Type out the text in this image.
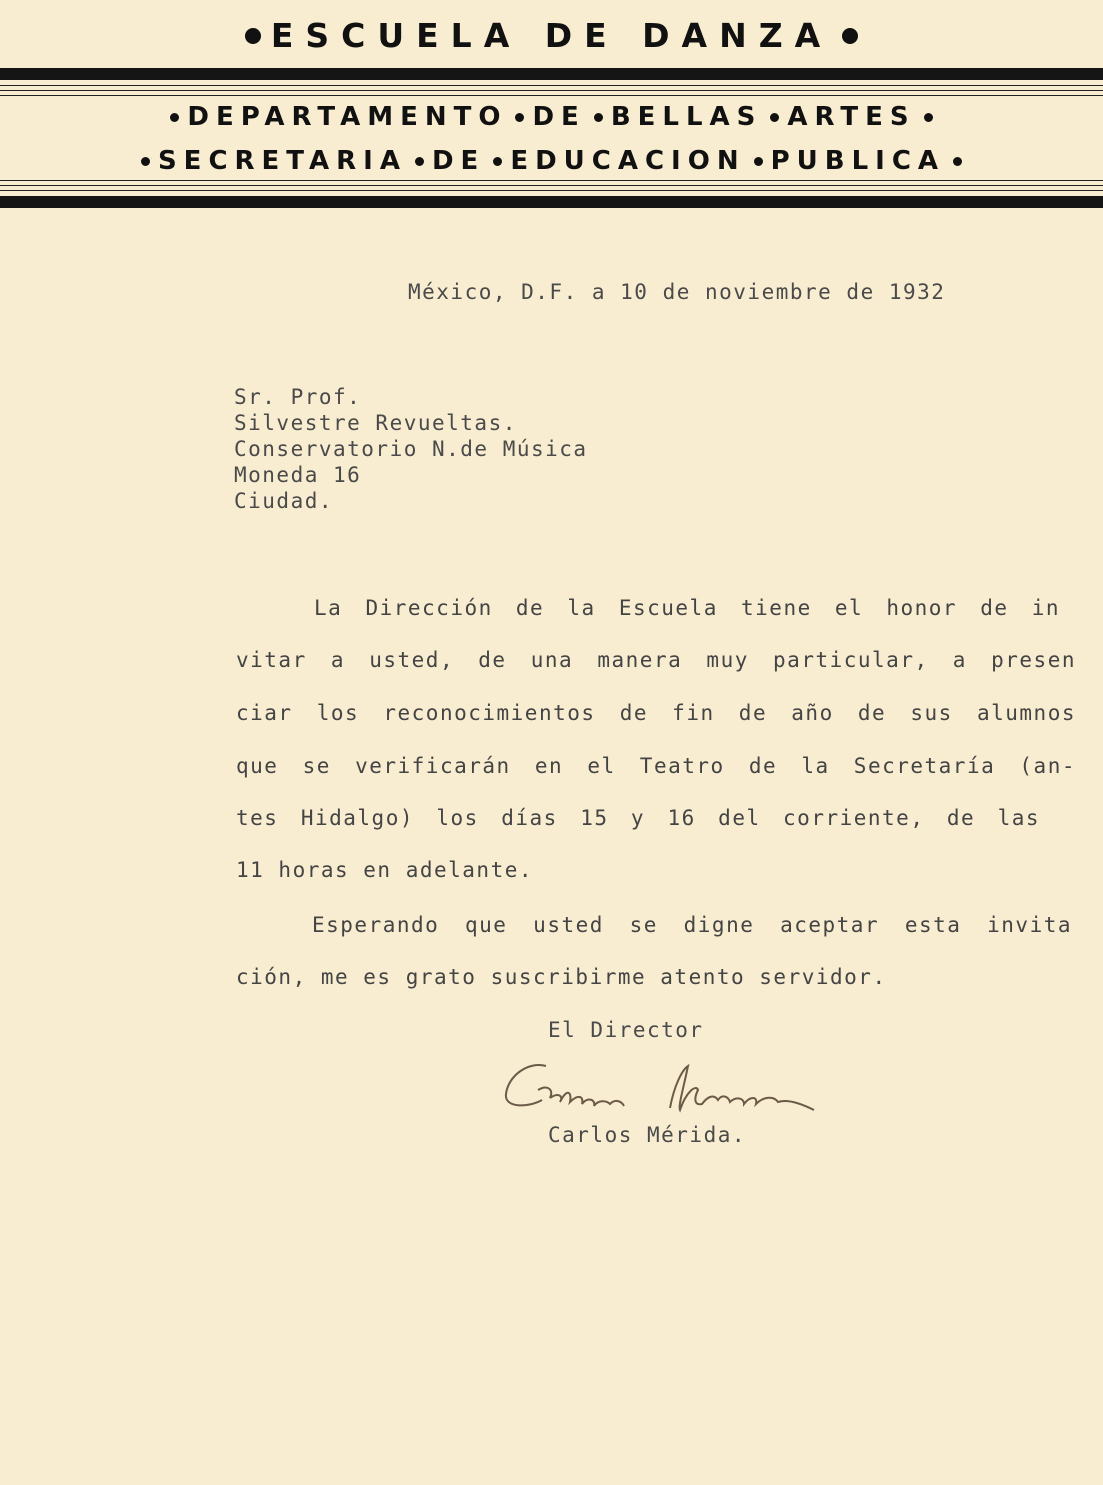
ESCUELA DE DANZA
DEPARTAMENTO DE BELLAS ARTES
SECRETARIA DE EDUCACION PUBLICA
México, D.F. a 10 de noviembre de 1932
Sr. Prof.
Silvestre Revueltas.
Conservatorio N.de Música
Moneda 16
Ciudad.
La Dirección de la Escuela tiene el honor de in
vitar a usted, de una manera muy particular, a presen
ciar los reconocimientos de fin de año de sus alumnos
que se verificarán en el Teatro de la Secretaría (an-
tes Hidalgo) los días 15 y 16 del corriente, de las
11 horas en adelante.
Esperando que usted se digne aceptar esta invita
ción, me es grato suscribirme atento servidor.
El Director
Carlos Mérida.
